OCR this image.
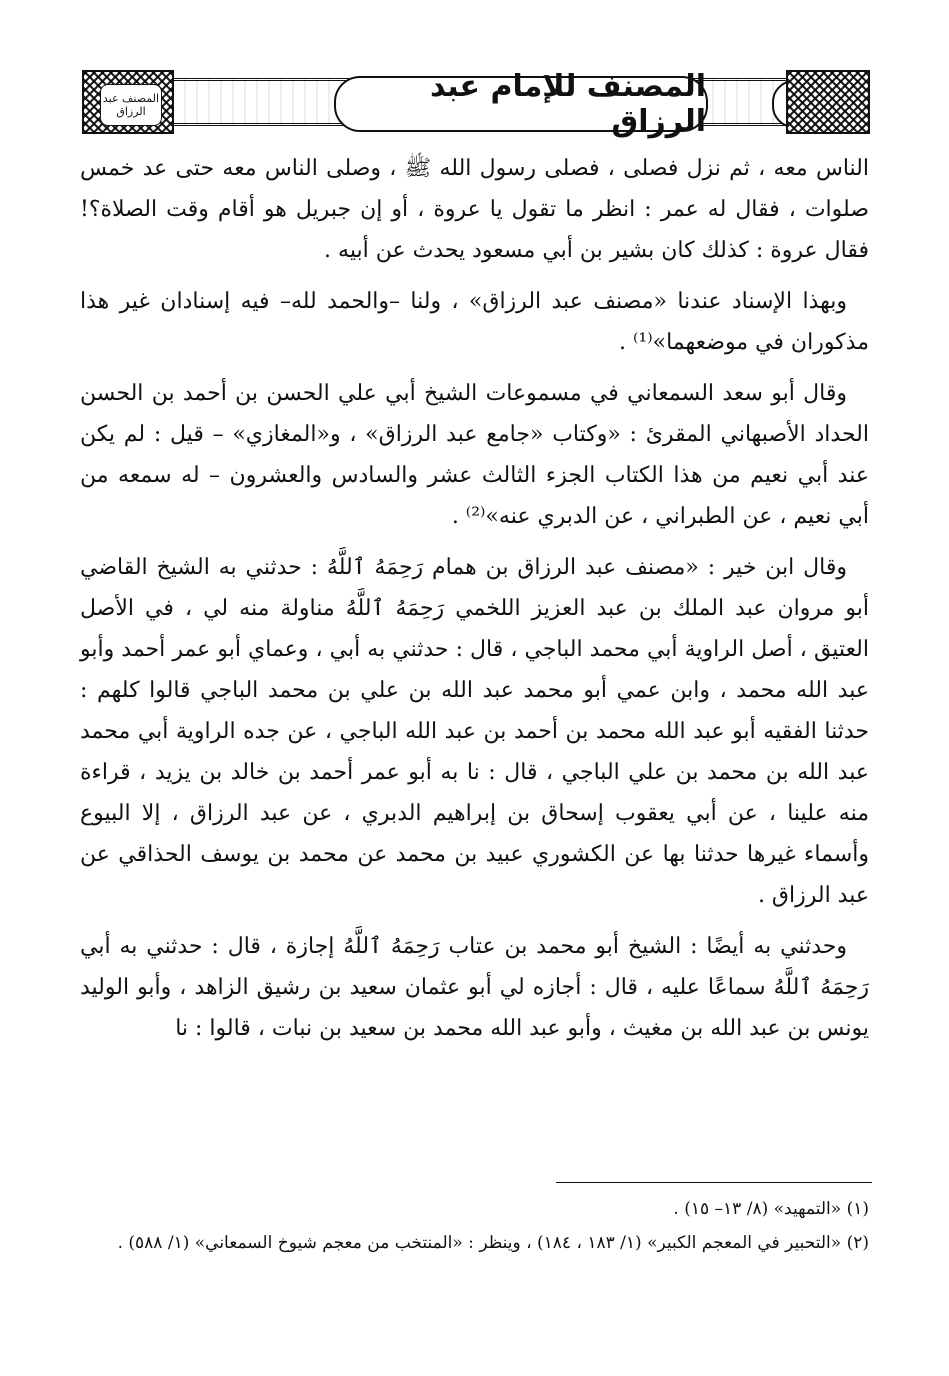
المصنف عبد الرزاق
المصنف للإمام عبد الرزاق

الناس معه ، ثم نزل فصلى ، فصلى رسول الله ﷺ ، وصلى الناس معه حتى عد خمس صلوات ، فقال له عمر : انظر ما تقول يا عروة ، أو إن جبريل هو أقام وقت الصلاة؟! فقال عروة : كذلك كان بشير بن أبي مسعود يحدث عن أبيه .

وبهذا الإسناد عندنا «مصنف عبد الرزاق» ، ولنا –والحمد لله– فيه إسنادان غير هذا مذكوران في موضعهما»⁽¹⁾ .

وقال أبو سعد السمعاني في مسموعات الشيخ أبي علي الحسن بن أحمد بن الحسن الحداد الأصبهاني المقرئ : «وكتاب «جامع عبد الرزاق» ، و«المغازي» – قيل : لم يكن عند أبي نعيم من هذا الكتاب الجزء الثالث عشر والسادس والعشرون – له سمعه من أبي نعيم ، عن الطبراني ، عن الدبري عنه»⁽²⁾ .

وقال ابن خير : «مصنف عبد الرزاق بن همام رَحِمَهُ ٱللَّهُ : حدثني به الشيخ القاضي أبو مروان عبد الملك بن عبد العزيز اللخمي رَحِمَهُ ٱللَّهُ مناولة منه لي ، في الأصل العتيق ، أصل الراوية أبي محمد الباجي ، قال : حدثني به أبي ، وعماي أبو عمر أحمد وأبو عبد الله محمد ، وابن عمي أبو محمد عبد الله بن علي بن محمد الباجي قالوا كلهم : حدثنا الفقيه أبو عبد الله محمد بن أحمد بن عبد الله الباجي ، عن جده الراوية أبي محمد عبد الله بن محمد بن علي الباجي ، قال : نا به أبو عمر أحمد بن خالد بن يزيد ، قراءة منه علينا ، عن أبي يعقوب إسحاق بن إبراهيم الدبري ، عن عبد الرزاق ، إلا البيوع وأسماء غيرها حدثنا بها عن الكشوري عبيد بن محمد عن محمد بن يوسف الحذاقي عن عبد الرزاق .

وحدثني به أيضًا : الشيخ أبو محمد بن عتاب رَحِمَهُ ٱللَّهُ إجازة ، قال : حدثني به أبي رَحِمَهُ ٱللَّهُ سماعًا عليه ، قال : أجازه لي أبو عثمان سعيد بن رشيق الزاهد ، وأبو الوليد يونس بن عبد الله بن مغيث ، وأبو عبد الله محمد بن سعيد بن نبات ، قالوا : نا

(١) «التمهيد» (٨/ ١٣– ١٥) .

(٢) «التحبير في المعجم الكبير» (١/ ١٨٣ ، ١٨٤) ، وينظر : «المنتخب من معجم شيوخ السمعاني» (١/ ٥٨٨) .
